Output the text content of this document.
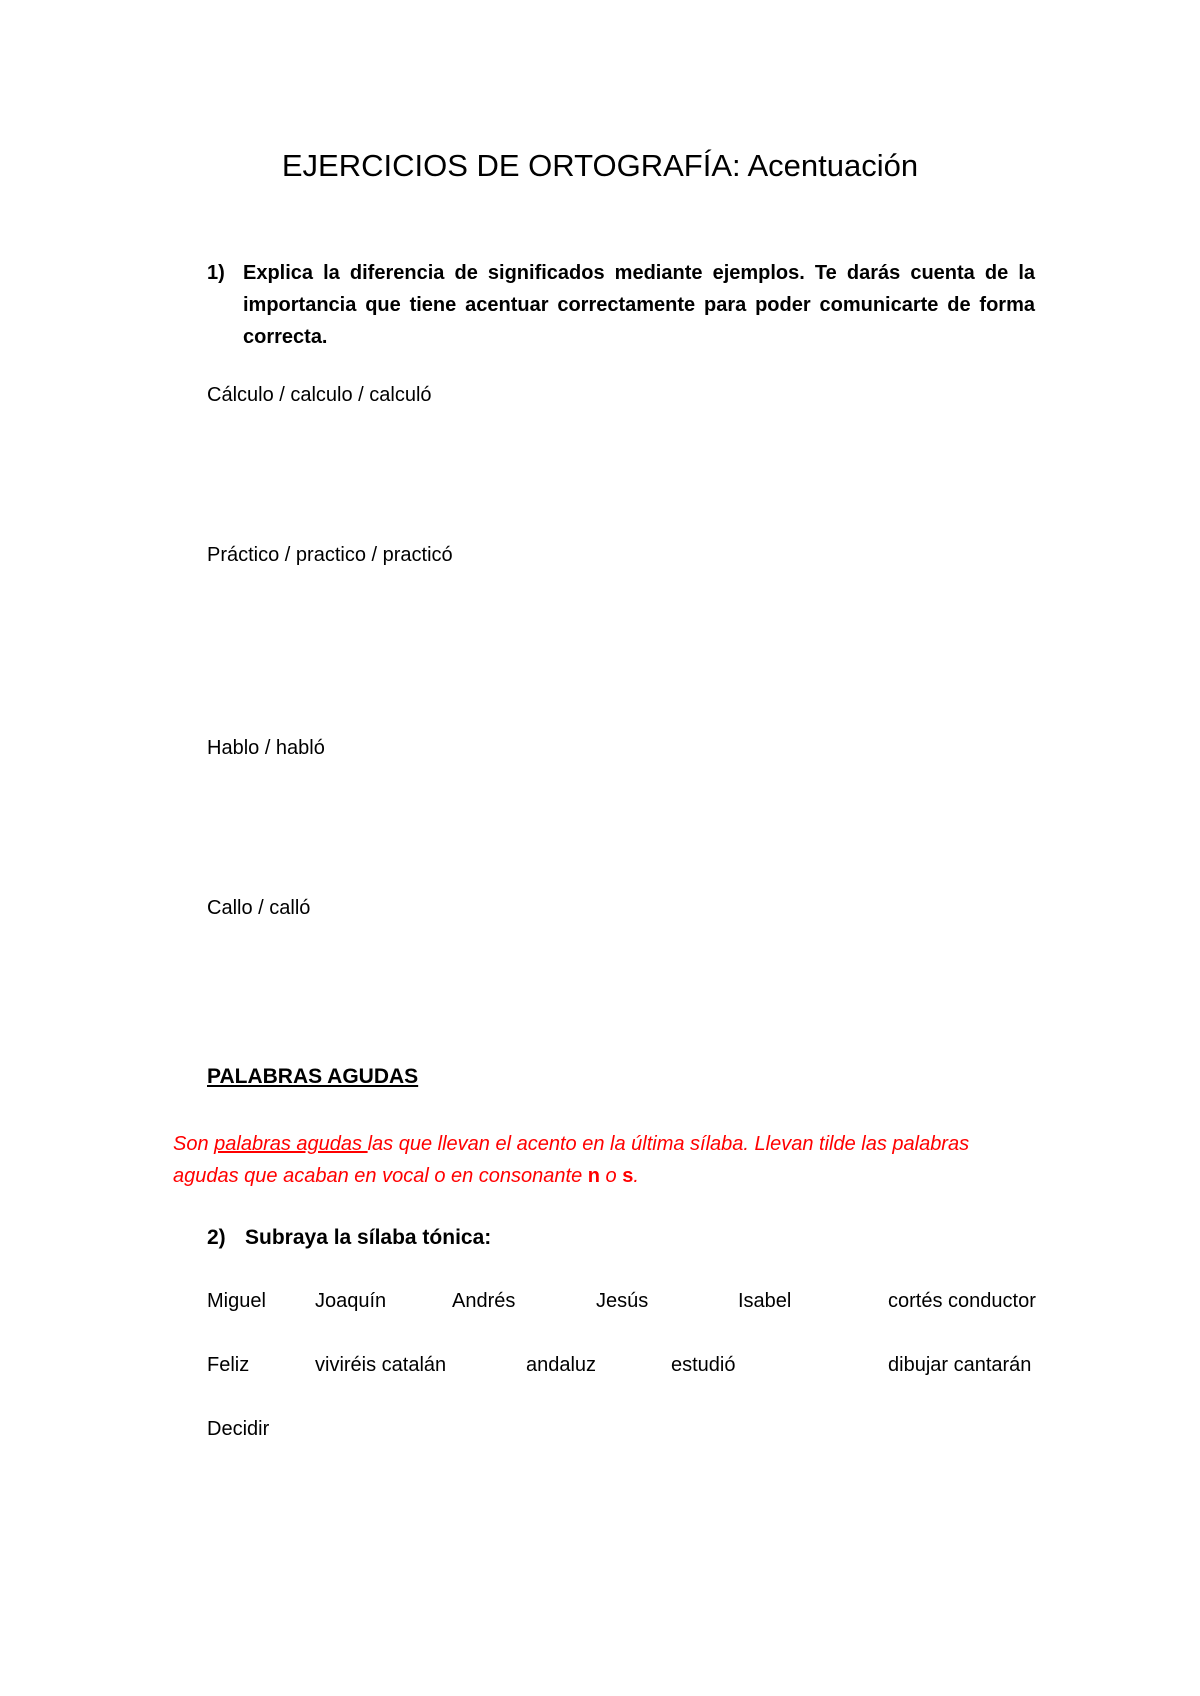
EJERCICIOS DE ORTOGRAFÍA: Acentuación
1) Explica la diferencia de significados mediante ejemplos. Te darás cuenta de la importancia que tiene acentuar correctamente para poder comunicarte de forma correcta.
Cálculo / calculo / calculó
Práctico / practico / practicó
Hablo / habló
Callo / calló
PALABRAS AGUDAS
Son palabras agudas las que llevan el acento en la última sílaba. Llevan tilde las palabras agudas que acaban en vocal o en consonante n o s.
2) Subraya la sílaba tónica:
Miguel Joaquín	Andrés	Jesús	Isabel	cortés conductor
Feliz	viviréis catalán	andaluz	estudió	dibujar cantarán
Decidir
